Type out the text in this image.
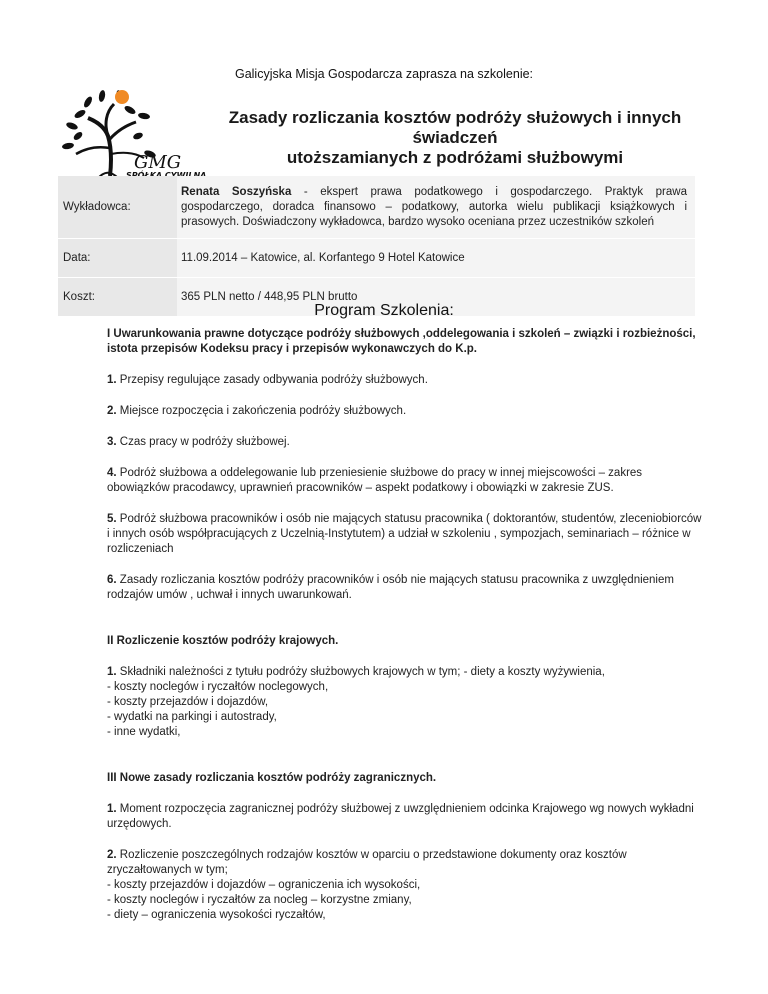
Galicyjska Misja Gospodarcza zaprasza na szkolenie:
GMG
Zasady rozliczania kosztów podróży służowych i innych świadczeń
utoższamianych z podróżami służbowymi
Wykładowca:	Renata Soszyńska - ekspert prawa podatkowego i gospodarczego. Praktyk prawa gospodarczego, doradca finansowo – podatkowy, autorka wielu publikacji książkowych i prasowych. Doświadczony wykładowca, bardzo wysoko oceniana przez uczestników szkoleń
Data:	11.09.2014 – Katowice, al. Korfantego 9 Hotel Katowice
Koszt:	365 PLN netto / 448,95 PLN brutto
Program Szkolenia:

I Uwarunkowania prawne dotyczące podróży służbowych ,oddelegowania i szkoleń – związki i rozbieżności, istota przepisów Kodeksu pracy i przepisów wykonawczych do K.p.

1. Przepisy regulujące zasady odbywania podróży służbowych.

2. Miejsce rozpoczęcia i zakończenia podróży służbowych.

3. Czas pracy w podróży służbowej.

4. Podróż służbowa a oddelegowanie lub przeniesienie służbowe do pracy w innej miejscowości – zakres obowiązków pracodawcy, uprawnień pracowników – aspekt podatkowy i obowiązki w zakresie ZUS.

5. Podróż służbowa pracowników i osób nie mających statusu pracownika ( doktorantów, studentów, zleceniobiorców i innych osób współpracujących z Uczelnią-Instytutem) a udział w szkoleniu , sympozjach, seminariach – różnice w rozliczeniach

6. Zasady rozliczania kosztów podróży pracowników i osób nie mających statusu pracownika z uwzględnieniem rodzajów umów , uchwał i innych uwarunkowań.

II Rozliczenie kosztów podróży krajowych.

1. Składniki należności z tytułu podróży służbowych krajowych w tym; - diety a koszty wyżywienia,

- koszty noclegów i ryczałtów noclegowych,

- koszty przejazdów i dojazdów,

- wydatki na parkingi i autostrady,

- inne wydatki,

III Nowe zasady rozliczania kosztów podróży zagranicznych.

1. Moment rozpoczęcia zagranicznej podróży służbowej z uwzględnieniem odcinka Krajowego wg nowych wykładni urzędowych.

2. Rozliczenie poszczególnych rodzajów kosztów w oparciu o przedstawione dokumenty oraz kosztów zryczałtowanych w tym;

- koszty przejazdów i dojazdów – ograniczenia ich wysokości,

- koszty noclegów i ryczałtów za nocleg – korzystne zmiany,

- diety – ograniczenia wysokości ryczałtów,
